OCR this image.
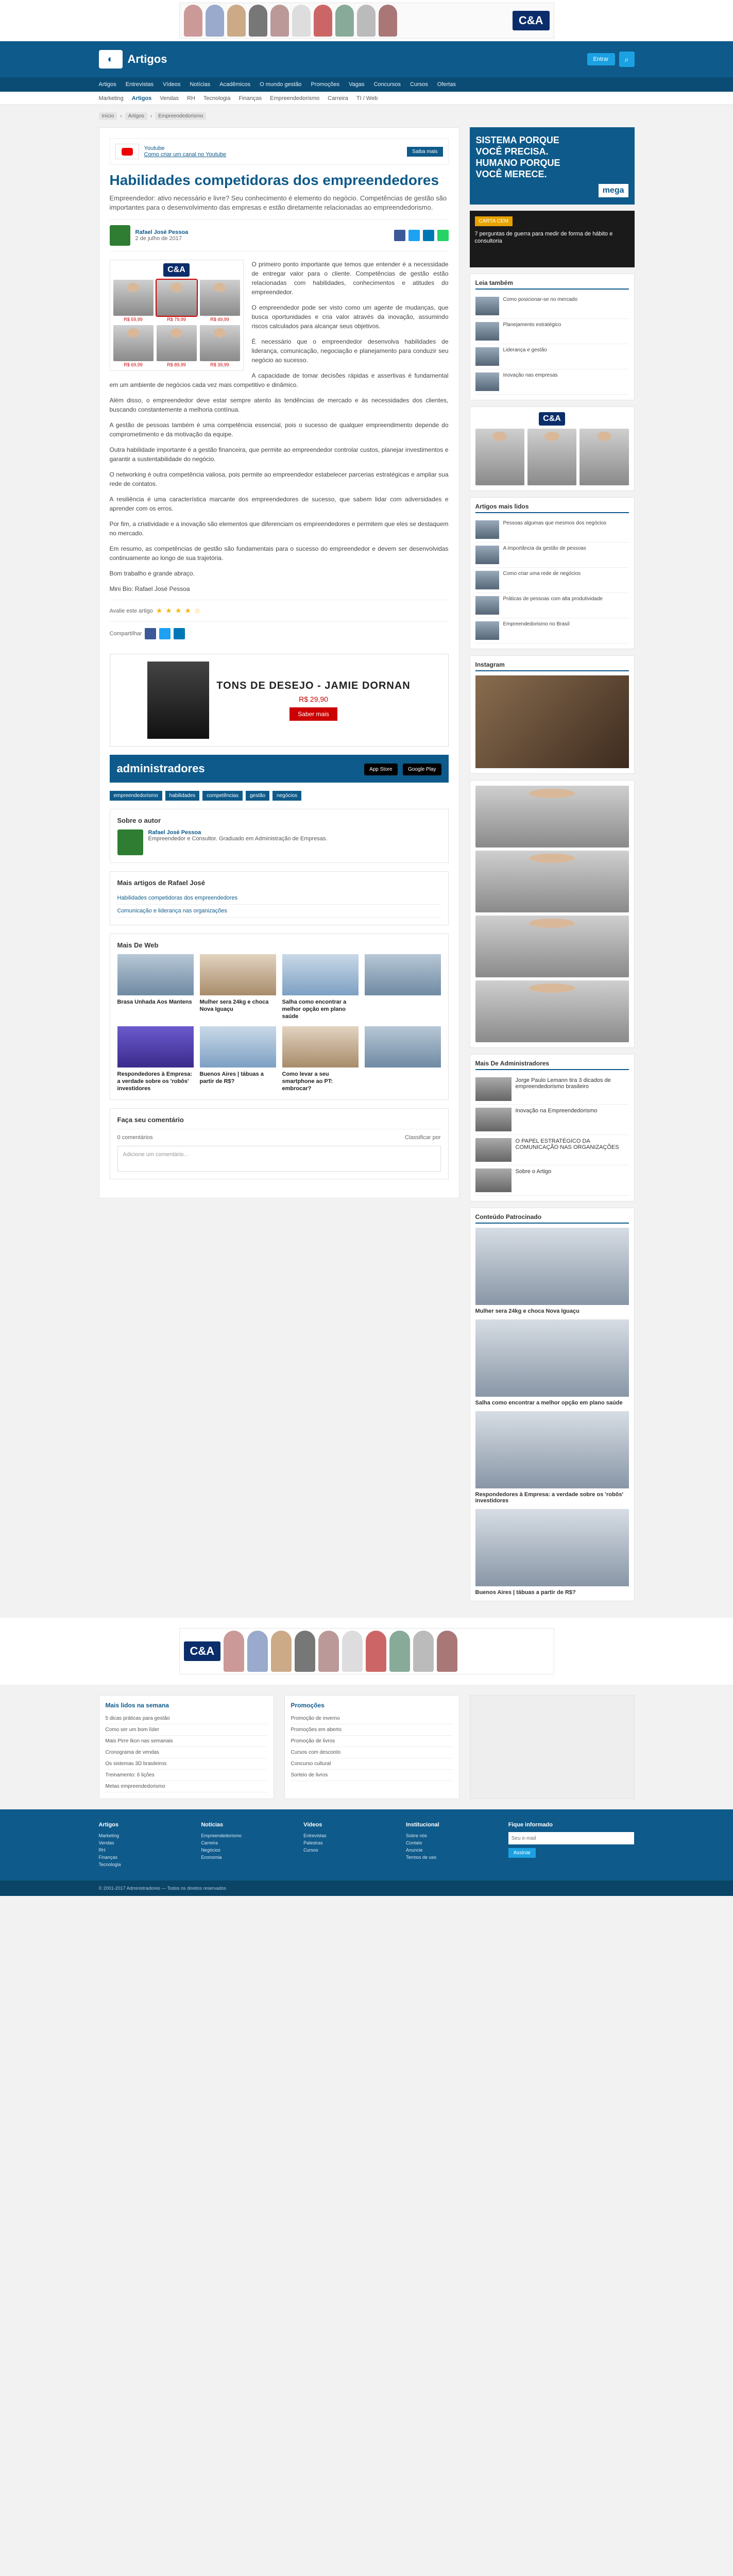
C&A
◐	Artigos	Entrar	⌕
Artigos Entrevistas Vídeos Notícias Acadêmicos O mundo gestão Promoções Vagas Concursos Cursos Ofertas
Marketing Artigos Vendas RH Tecnologia Finanças Empreendedorismo Carreira TI / Web
Início	›	Artigos	›	Empreendedorismo
Youtube
Como criar um canal no Youtube	Saiba mais
Habilidades competidoras dos empreendedores

Empreendedor: ativo necessário e livre? Seu conhecimento é elemento do negócio. Competências de gestão são importantes para o desenvolvimento das empresas e estão diretamente relacionadas ao empreendedorismo.

Rafael José Pessoa
2 de julho de 2017
C&A
R$ 59,99	R$ 79,99	R$ 49,99
R$ 69,99	R$ 89,99	R$ 39,99

O primeiro ponto importante que temos que entender é a necessidade de entregar valor para o cliente. Competências de gestão estão relacionadas com habilidades, conhecimentos e atitudes do empreendedor.

O empreendedor pode ser visto como um agente de mudanças, que busca oportunidades e cria valor através da inovação, assumindo riscos calculados para alcançar seus objetivos.

É necessário que o empreendedor desenvolva habilidades de liderança, comunicação, negociação e planejamento para conduzir seu negócio ao sucesso.

A capacidade de tomar decisões rápidas e assertivas é fundamental em um ambiente de negócios cada vez mais competitivo e dinâmico.

Além disso, o empreendedor deve estar sempre atento às tendências de mercado e às necessidades dos clientes, buscando constantemente a melhoria contínua.

A gestão de pessoas também é uma competência essencial, pois o sucesso de qualquer empreendimento depende do comprometimento e da motivação da equipe.

Outra habilidade importante é a gestão financeira, que permite ao empreendedor controlar custos, planejar investimentos e garantir a sustentabilidade do negócio.

O networking é outra competência valiosa, pois permite ao empreendedor estabelecer parcerias estratégicas e ampliar sua rede de contatos.

A resiliência é uma característica marcante dos empreendedores de sucesso, que sabem lidar com adversidades e aprender com os erros.

Por fim, a criatividade e a inovação são elementos que diferenciam os empreendedores e permitem que eles se destaquem no mercado.

Em resumo, as competências de gestão são fundamentais para o sucesso do empreendedor e devem ser desenvolvidas continuamente ao longo de sua trajetória.

Bom trabalho e grande abraço.

Mini Bio: Rafael José Pessoa

Avalie este artigo ★ ★ ★ ★ ☆
Compartilhar
TONS DE DESEJO - JAMIE DORNAN
R$ 29,90
Saber mais
administradores	App Store	Google Play
empreendedorismo	habilidades	competências	gestão	negócios
Sobre o autor
Rafael José Pessoa
Empreendedor e Consultor. Graduado em Administração de Empresas.
Mais artigos de Rafael José
Habilidades competidoras dos empreendedores
Comunicação e liderança nas organizações
Mais De Web

Brasa Unhada Aos Mantens Mulher sera 24kg e choca Nova Iguaçu

Salha como encontrar a melhor opção em plano saúde

Respondedores à Empresa: a verdade sobre os 'robôs' investidores

Buenos Aires | tábuas a partir de R$?

Como levar a seu smartphone ao PT: embrocar?

Faça seu comentário
0 comentários	Classificar por
Adicione um comentário...
SISTEMA PORQUE
VOCÊ PRECISA.
HUMANO PORQUE
VOCÊ MERECE.
mega
CARTA CEM

7 perguntas de guerra para medir de forma de hábito e consultoria

Leia também
Como posicionar-se no mercado
Planejamento estratégico
Liderança e gestão
Inovação nas empresas
C&A
Artigos mais lidos
Pessoas algumas que mesmos dos negócios
A importância da gestão de pessoas
Como criar uma rede de negócios
Práticas de pessoas com alta produtividade
Empreendedorismo no Brasil
Instagram
Mais De Administradores
Jorge Paulo Lemann tira 3 dicados de empreendedorismo brasileiro
Inovação na Empreendedorismo
O PAPEL ESTRATÉGICO DA COMUNICAÇÃO NAS ORGANIZAÇÕES
Sobre o Artigo
Conteúdo Patrocinado
Mulher sera 24kg e choca Nova Iguaçu
Salha como encontrar a melhor opção em plano saúde
Respondedores à Empresa: a verdade sobre os 'robôs' investidores
Buenos Aires | tábuas a partir de R$?
C&A
Mais lidos na semana
5 dicas práticas para gestão
Como ser um bom líder
Mais Pirre Ikon nas semanais
Cronograma de vendas
Os sistemas 3D brasileiros
Treinamento: 6 lições
Metas empreendedorismo
Promoções
Promoção de inverno
Promoções em aberto
Promoção de livros
Cursos com desconto
Concurso cultural
Sorteio de livros
Artigos
Marketing
Vendas
RH
Finanças
Tecnologia
Notícias
Empreendedorismo
Carreira
Negócios
Economia
Vídeos
Entrevistas
Palestras
Cursos
Institucional
Sobre nós
Contato
Anuncie
Termos de uso
Fique informado
Seu e-mail Assinar
© 2001-2017 Administradores — Todos os direitos reservados
